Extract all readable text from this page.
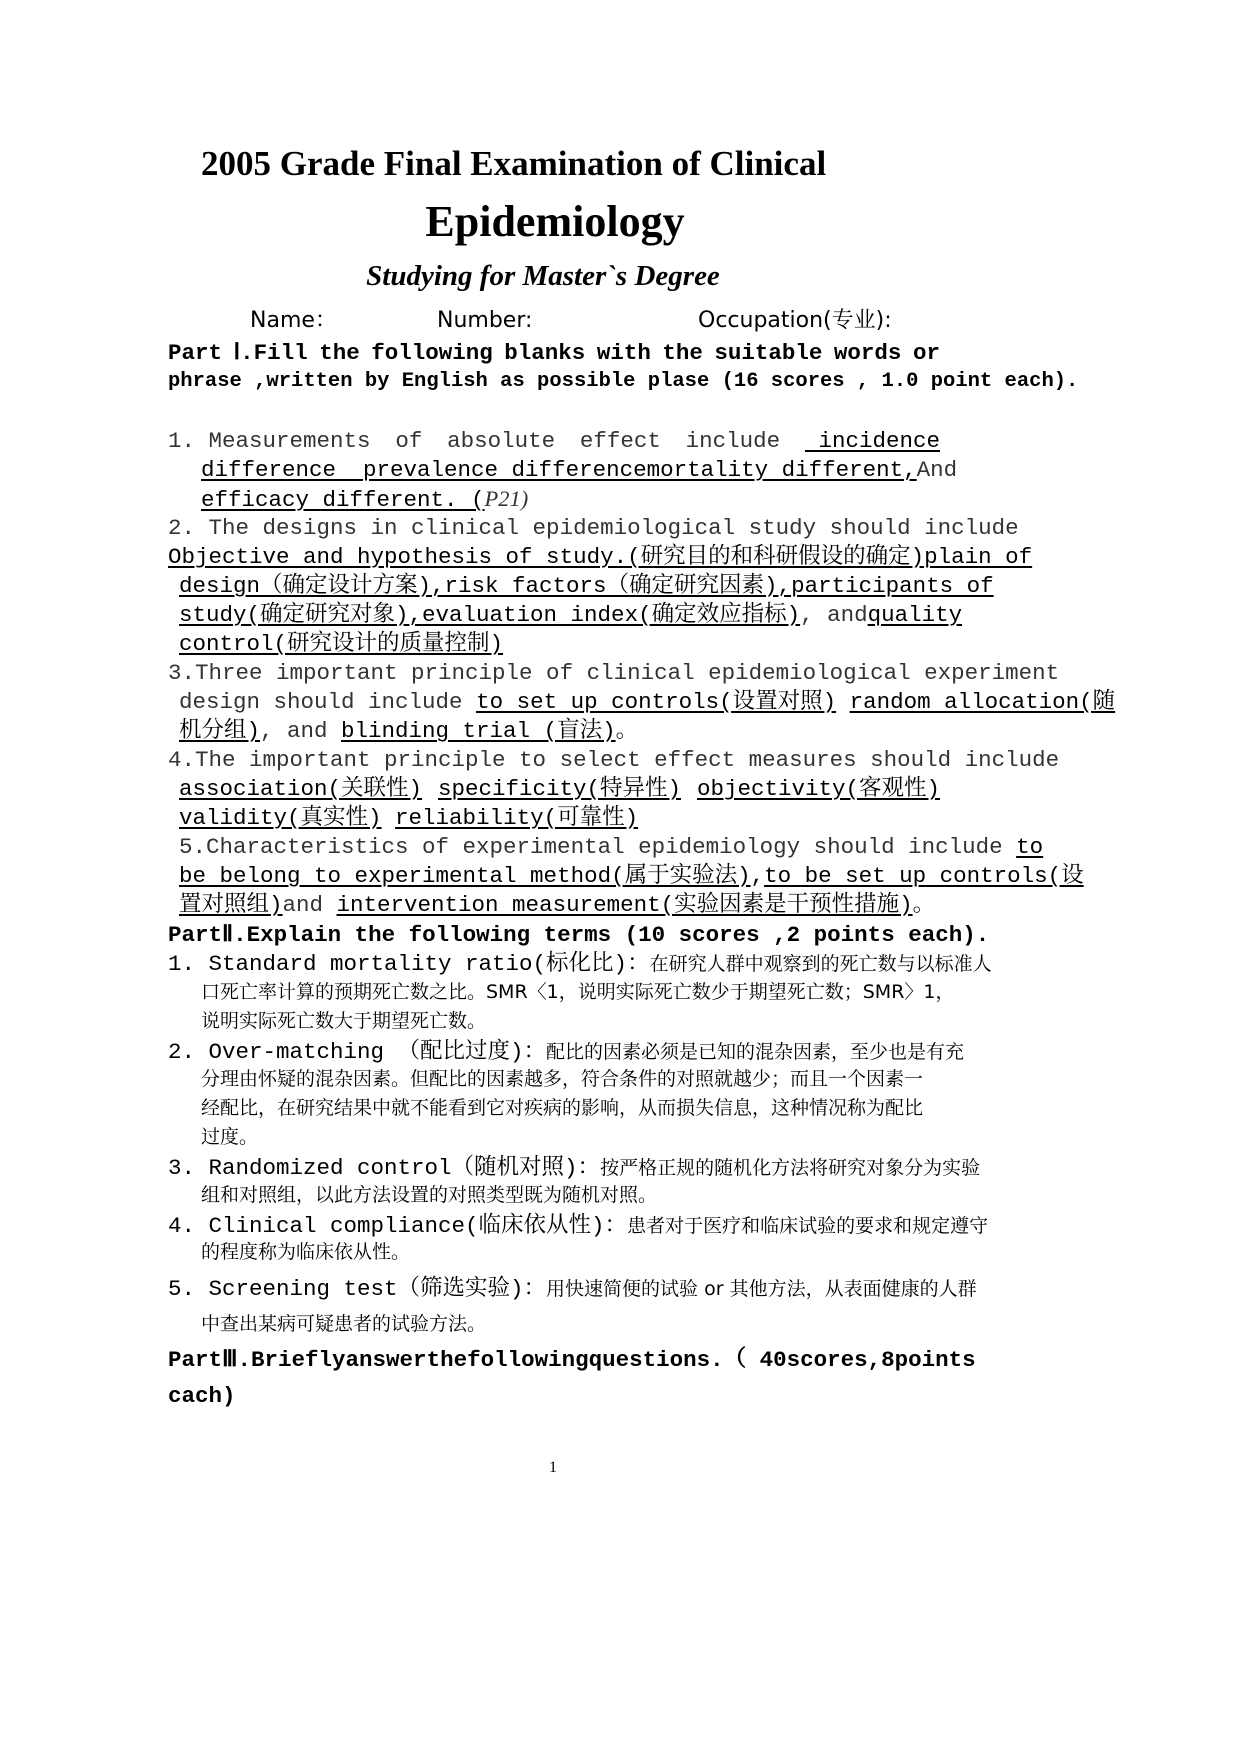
2005 Grade Final Examination of Clinical
Epidemiology
Studying for Master`s Degree
Name：	Number:	Occupation(专业):
Part Ⅰ.Fill the following blanks with the suitable words or
phrase ,written by English as possible plase (16 scores , 1.0 point each).
1. Measurements of absolute effect include incidence
difference prevalence difference mortality different, And
efficacy different. (P21)
2. The designs in clinical epidemiological study should include
Objective and hypothesis of study.(研究目的和科研假设的确定) plain of
design（确定设计方案), risk factors（确定研究因素), participants of
study(确定研究对象), evaluation index(确定效应指标), and quality
control(研究设计的质量控制)
3.Three important principle of clinical epidemiological experiment
design should include to set up controls(设置对照) random allocation(随
机分组), and blinding trial (盲法)。
4.The important principle to select effect measures should include
association(关联性) specificity(特异性) objectivity(客观性)
validity(真实性) reliability(可靠性)
5.Characteristics of experimental epidemiology should include to
be belong to experimental method(属于实验法),to be set up controls(设
置对照组)and intervention measurement(实验因素是干预性措施)。
PartⅡ.Explain the following terms (10 scores ,2 points each).
1. Standard mortality ratio(标化比)：在研究人群中观察到的死亡数与以标准人
口死亡率计算的预期死亡数之比。SMR〈1，说明实际死亡数少于期望死亡数；SMR〉1，
说明实际死亡数大于期望死亡数。
2. Over-matching （配比过度)：配比的因素必须是已知的混杂因素，至少也是有充
分理由怀疑的混杂因素。但配比的因素越多，符合条件的对照就越少；而且一个因素一
经配比，在研究结果中就不能看到它对疾病的影响，从而损失信息，这种情况称为配比
过度。
3. Randomized control（随机对照)：按严格正规的随机化方法将研究对象分为实验
组和对照组，以此方法设置的对照类型既为随机对照。
4. Clinical compliance(临床依从性)：患者对于医疗和临床试验的要求和规定遵守
的程度称为临床依从性。
5. Screening test（筛选实验)：用快速简便的试验 or 其他方法，从表面健康的人群
中查出某病可疑患者的试验方法。
PartⅢ.Briefly answer the following questions. （ 40scores,8points
cach)
1
